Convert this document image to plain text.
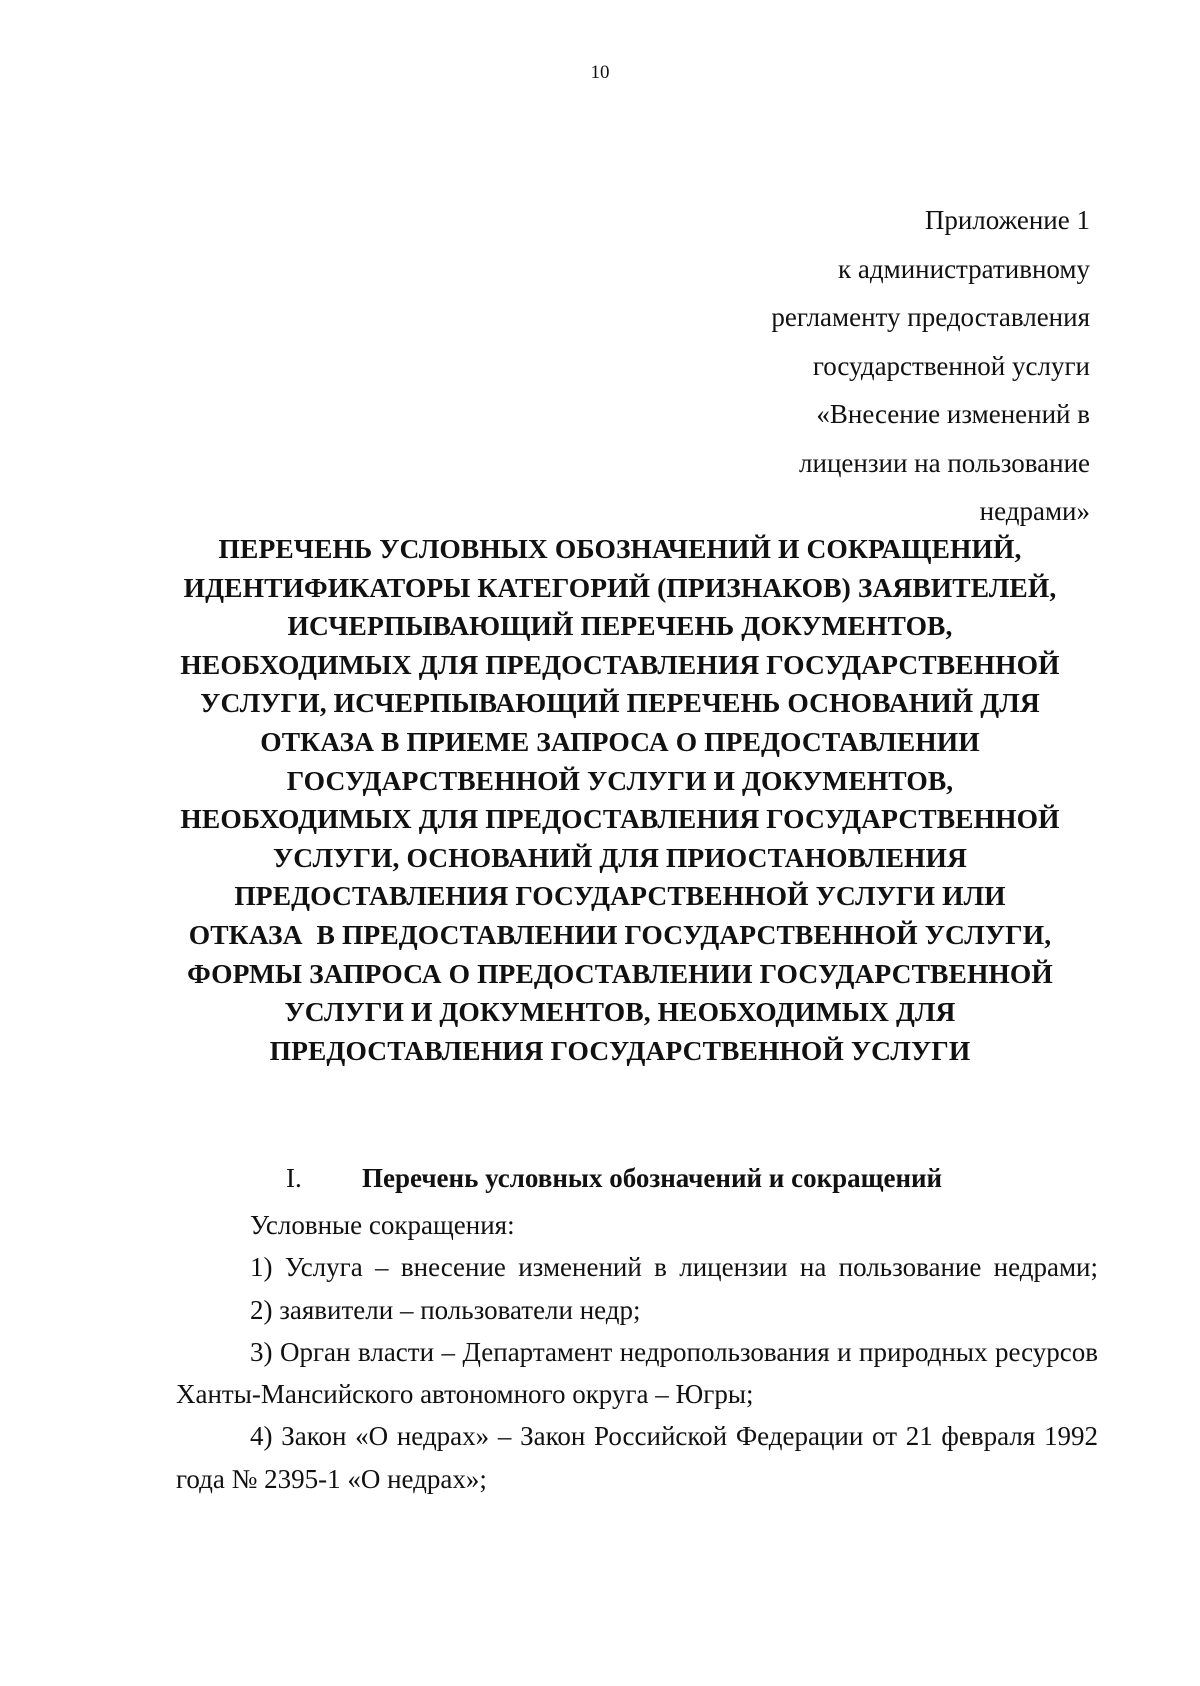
10
Приложение 1
к административному
регламенту предоставления
государственной услуги
«Внесение изменений в
лицензии на пользование
недрами»
ПЕРЕЧЕНЬ УСЛОВНЫХ ОБОЗНАЧЕНИЙ И СОКРАЩЕНИЙ,
ИДЕНТИФИКАТОРЫ КАТЕГОРИЙ (ПРИЗНАКОВ) ЗАЯВИТЕЛЕЙ,
ИСЧЕРПЫВАЮЩИЙ ПЕРЕЧЕНЬ ДОКУМЕНТОВ,
НЕОБХОДИМЫХ ДЛЯ ПРЕДОСТАВЛЕНИЯ ГОСУДАРСТВЕННОЙ
УСЛУГИ, ИСЧЕРПЫВАЮЩИЙ ПЕРЕЧЕНЬ ОСНОВАНИЙ ДЛЯ
ОТКАЗА В ПРИЕМЕ ЗАПРОСА О ПРЕДОСТАВЛЕНИИ
ГОСУДАРСТВЕННОЙ УСЛУГИ И ДОКУМЕНТОВ,
НЕОБХОДИМЫХ ДЛЯ ПРЕДОСТАВЛЕНИЯ ГОСУДАРСТВЕННОЙ
УСЛУГИ, ОСНОВАНИЙ ДЛЯ ПРИОСТАНОВЛЕНИЯ
ПРЕДОСТАВЛЕНИЯ ГОСУДАРСТВЕННОЙ УСЛУГИ ИЛИ
ОТКАЗА  В ПРЕДОСТАВЛЕНИИ ГОСУДАРСТВЕННОЙ УСЛУГИ,
ФОРМЫ ЗАПРОСА О ПРЕДОСТАВЛЕНИИ ГОСУДАРСТВЕННОЙ
УСЛУГИ И ДОКУМЕНТОВ, НЕОБХОДИМЫХ ДЛЯ
ПРЕДОСТАВЛЕНИЯ ГОСУДАРСТВЕННОЙ УСЛУГИ
I. Перечень условных обозначений и сокращений

Условные сокращения:

1) Услуга – внесение изменений в лицензии на пользование недрами;

2) заявители – пользователи недр;

3) Орган власти – Департамент недропользования и природных ресурсов Ханты-Мансийского автономного округа – Югры;

4) Закон «О недрах» – Закон Российской Федерации от 21 февраля 1992 года № 2395-1 «О недрах»;
